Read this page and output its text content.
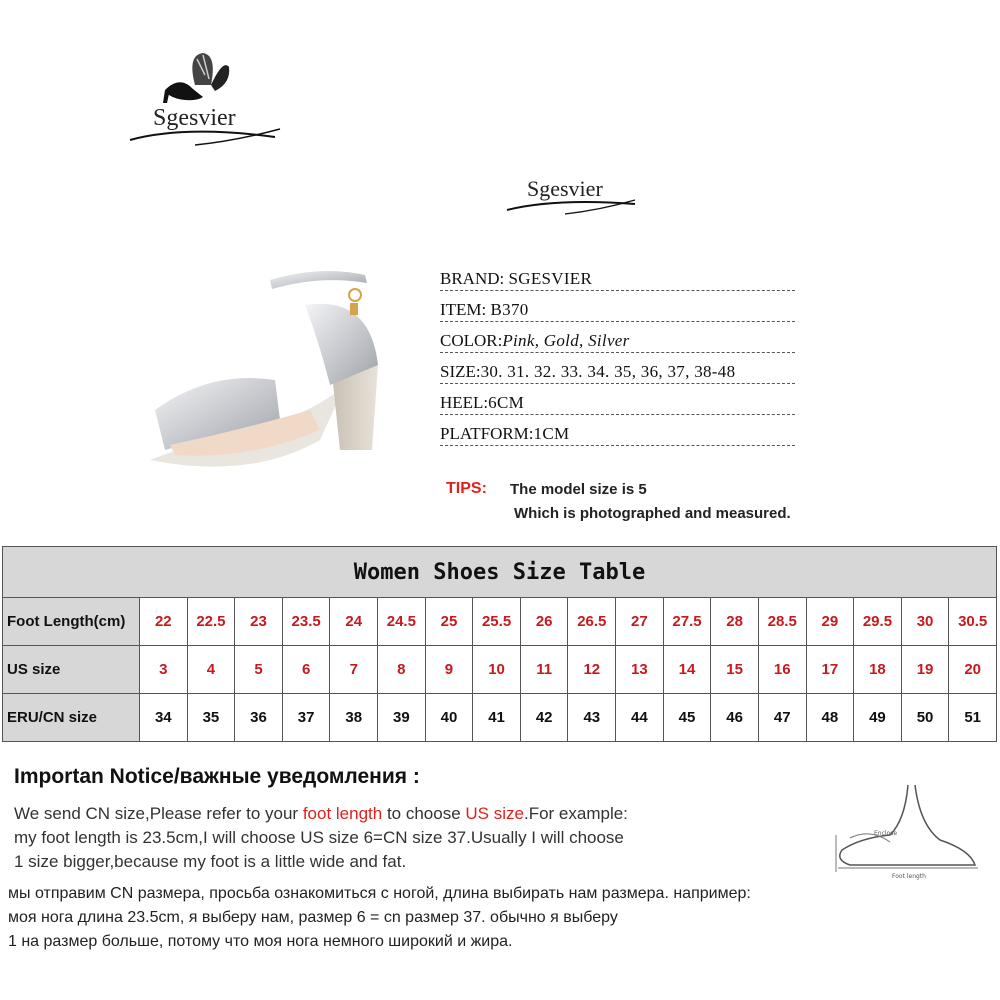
Sgesvier
Sgesvier
BRAND: SGESVIER
ITEM: B370
COLOR:Pink, Gold, Silver
SIZE:30. 31. 32. 33. 34. 35, 36, 37, 38-48
HEEL:6CM
PLATFORM:1CM
TIPS: The model size is 5
Which is photographed and measured.
Women Shoes Size Table																		
Foot Length(cm)	22	22.5	23	23.5	24	24.5	25	25.5	26	26.5	27	27.5	28	28.5	29	29.5	30	30.5
US size	3	4	5	6	7	8	9	10	11	12	13	14	15	16	17	18	19	20
ERU/CN size	34	35	36	37	38	39	40	41	42	43	44	45	46	47	48	49	50	51
Importan Notice/важные уведомления :
We send CN size,Please refer to your foot length to choose US size.For example:
my foot length is 23.5cm,I will choose US size 6=CN size 37.Usually I will choose
1 size bigger,because my foot is a little wide and fat.
мы отправим CN размера, просьба ознакомиться с ногой, длина выбирать нам размера. например:
моя нога длина 23.5cm, я выберу нам, размер 6 = cn размер 37. обычно я выберу
1 на размер больше, потому что моя нога немного широкий и жира.
Enclose
Foot length
